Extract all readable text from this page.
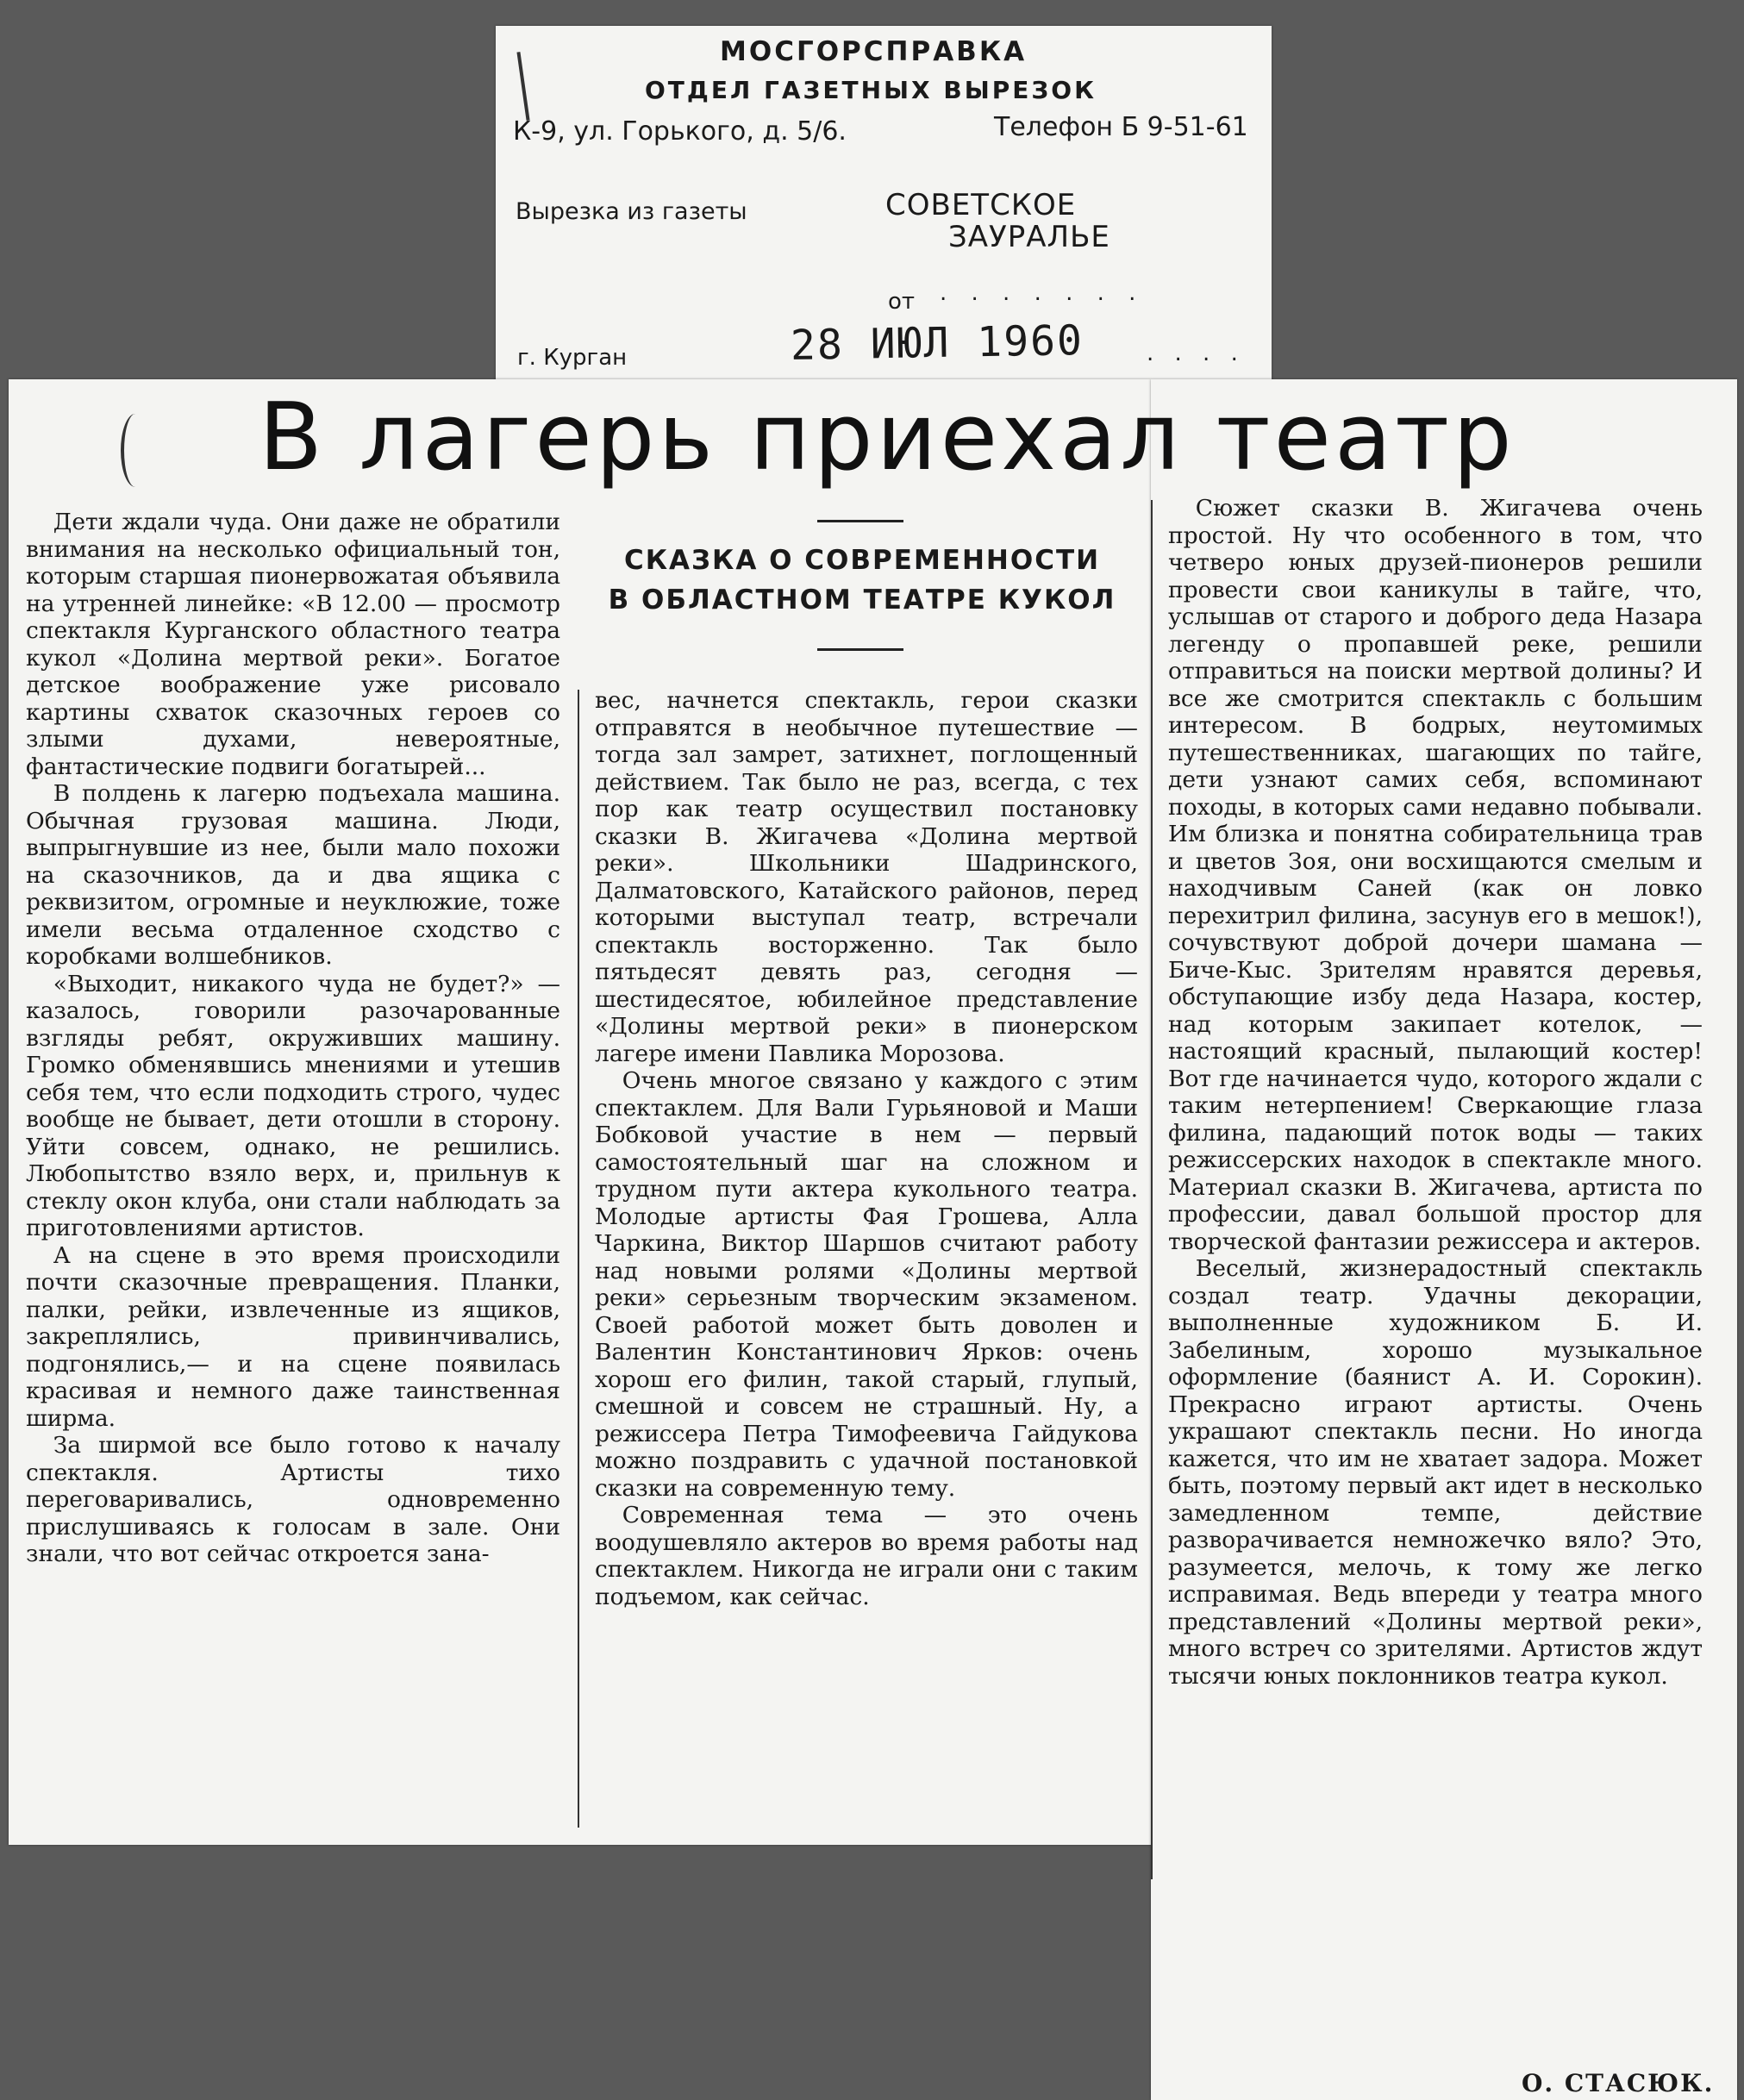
МОСГОРСПРАВКА
ОТДЕЛ ГАЗЕТНЫХ ВЫРЕЗОК
К-9, ул. Горького, д. 5/6.	Телефон Б 9-51-61
Вырезка из газеты	СОВЕТСКОЕ
ЗАУРАЛЬЕ
от . . . . . . .
г. Курган	28 ИЮЛ 1960	. . . .
В лагерь приехал театр
СКАЗКА О СОВРЕМЕННОСТИ
В ОБЛАСТНОМ ТЕАТРЕ КУКОЛ

Дети ждали чуда. Они даже не обратили внимания на несколько официальный тон, которым старшая пионервожатая объявила на утренней линейке: «В 12.00 — просмотр спектакля Курганского областного театра кукол «Долина мертвой реки». Богатое детское воображение уже рисовало картины схваток сказочных героев со злыми духами, невероятные, фантастические подвиги богатырей...

В полдень к лагерю подъехала машина. Обычная грузовая машина. Люди, выпрыгнувшие из нее, были мало похожи на сказочников, да и два ящика с реквизитом, огромные и неуклюжие, тоже имели весьма отдаленное сходство с коробками волшебников.

«Выходит, никакого чуда не будет?» — казалось, говорили разочарованные взгляды ребят, окруживших машину. Громко обменявшись мнениями и утешив себя тем, что если подходить строго, чудес вообще не бывает, дети отошли в сторону. Уйти совсем, однако, не решились. Любопытство взяло верх, и, прильнув к стеклу окон клуба, они стали наблюдать за приготовлениями артистов.

А на сцене в это время происходили почти сказочные превращения. Планки, палки, рейки, извлеченные из ящиков, закреплялись, привинчивались, подгонялись,— и на сцене появилась красивая и немного даже таинственная ширма.

За ширмой все было готово к началу спектакля. Артисты тихо переговаривались, одновременно прислушиваясь к голосам в зале. Они знали, что вот сейчас откроется зана-

вес, начнется спектакль, герои сказки отправятся в необычное путешествие — тогда зал замрет, затихнет, поглощенный действием. Так было не раз, всегда, с тех пор как театр осуществил постановку сказки В. Жигачева «Долина мертвой реки». Школьники Шадринского, Далматовского, Катайского районов, перед которыми выступал театр, встречали спектакль восторженно. Так было пятьдесят девять раз, сегодня — шестидесятое, юбилейное представление «Долины мертвой реки» в пионерском лагере имени Павлика Морозова.

Очень многое связано у каждого с этим спектаклем. Для Вали Гурьяновой и Маши Бобковой участие в нем — первый самостоятельный шаг на сложном и трудном пути актера кукольного театра. Молодые артисты Фая Грошева, Алла Чаркина, Виктор Шаршов считают работу над новыми ролями «Долины мертвой реки» серьезным творческим экзаменом. Своей работой может быть доволен и Валентин Константинович Ярков: очень хорош его филин, такой старый, глупый, смешной и совсем не страшный. Ну, а режиссера Петра Тимофеевича Гайдукова можно поздравить с удачной постановкой сказки на современную тему.

Современная тема — это очень воодушевляло актеров во время работы над спектаклем. Никогда не играли они с таким подъемом, как сейчас.

Сюжет сказки В. Жигачева очень простой. Ну что особенного в том, что четверо юных друзей-пионеров решили провести свои каникулы в тайге, что, услышав от старого и доброго деда Назара легенду о пропавшей реке, решили отправиться на поиски мертвой долины? И все же смотрится спектакль с большим интересом. В бодрых, неутомимых путешественниках, шагающих по тайге, дети узнают самих себя, вспоминают походы, в которых сами недавно побывали. Им близка и понятна собирательница трав и цветов Зоя, они восхищаются смелым и находчивым Саней (как он ловко перехитрил филина, засунув его в мешок!), сочувствуют доброй дочери шамана — Биче-Кыс. Зрителям нравятся деревья, обступающие избу деда Назара, костер, над которым закипает котелок, — настоящий красный, пылающий костер! Вот где начинается чудо, которого ждали с таким нетерпением! Сверкающие глаза филина, падающий поток воды — таких режиссерских находок в спектакле много. Материал сказки В. Жигачева, артиста по профессии, давал большой простор для творческой фантазии режиссера и актеров.

Веселый, жизнерадостный спектакль создал театр. Удачны декорации, выполненные художником Б. И. Забелиным, хорошо музыкальное оформление (баянист А. И. Сорокин). Прекрасно играют артисты. Очень украшают спектакль песни. Но иногда кажется, что им не хватает задора. Может быть, поэтому первый акт идет в несколько замедленном темпе, действие разворачивается немножечко вяло? Это, разумеется, мелочь, к тому же легко исправимая. Ведь впереди у театра много представлений «Долины мертвой реки», много встреч со зрителями. Артистов ждут тысячи юных поклонников театра кукол.

О. СТАСЮК.
